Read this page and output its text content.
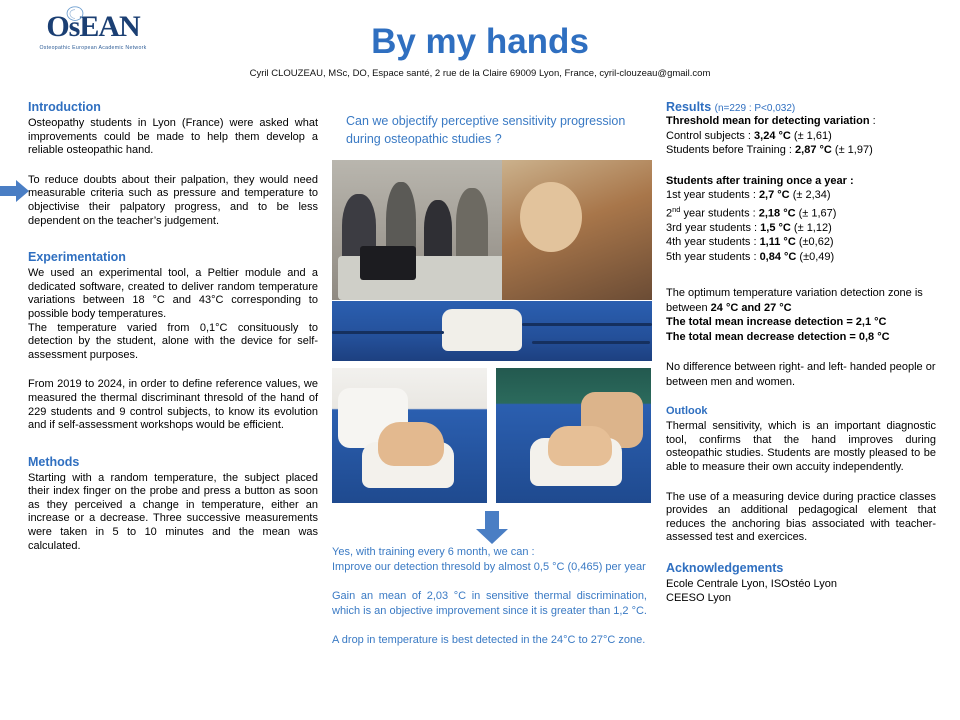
OsEAN
Osteopathic European Academic Network	By my hands
Cyril CLOUZEAU, MSc, DO, Espace santé, 2 rue de la Claire 69009 Lyon, France, cyril-clouzeau@gmail.com
Introduction

Osteopathy students in Lyon (France) were asked what improvements could be made to help them develop a reliable osteopathic hand.

To reduce doubts about their palpation, they would need measurable criteria such as pressure and temperature to objectivise their palpatory progress, and to be less dependent on the teacher’s judgement.

Experimentation

We used an experimental tool, a Peltier module and a dedicated software, created to deliver random temperature variations between 18 °C and 43°C corresponding to possible body temperatures.

The temperature varied from 0,1°C consituously to detection by the student, alone with the device for self-assessment purposes.

From 2019 to 2024, in order to define reference values, we measured the thermal discriminant thresold of the hand of 229 students and 9 control subjects, to know its evolution and if self-assessment workshops would be efficient.

Methods

Starting with a random temperature, the subject placed their index finger on the probe and press a button as soon as they perceived a change in temperature, either an increase or a decrease. Three successive measurements were taken in 5 to 10 minutes and the mean was calculated.

Can we objectify perceptive sensitivity progression during osteopathic studies ?

Yes, with training every 6 month, we can :

Improve our detection thresold by almost 0,5 °C (0,465) per year

Gain an mean of 2,03 °C in sensitive thermal discrimination, which is an objective improvement since it is greater than 1,2 °C.

A drop in temperature is best detected in the 24°C to 27°C zone.

Results (n=229 : P<0,032)

Threshold mean for detecting variation :

Control subjects : 3,24 °C (± 1,61)

Students before Training : 2,87 °C (± 1,97)

Students after training once a year :

1st year students : 2,7 °C (± 2,34)

2nd year students : 2,18 °C (± 1,67)

3rd year students : 1,5 °C (± 1,12)

4th year students : 1,11 °C (±0,62)

5th year students : 0,84 °C (±0,49)

The optimum temperature variation detection zone is between 24 °C and 27 °C

The total mean increase detection = 2,1 °C

The total mean decrease detection = 0,8 °C

No difference between right- and left- handed people or between men and women.

Outlook

Thermal sensitivity, which is an important diagnostic tool, confirms that the hand improves during osteopathic studies. Students are mostly pleased to be able to measure their own accuity independently.

The use of a measuring device during practice classes provides an additional pedagogical element that reduces the anchoring bias associated with teacher-assessed test and exercices.

Acknowledgements

Ecole Centrale Lyon, ISOstéo Lyon

CEESO Lyon
